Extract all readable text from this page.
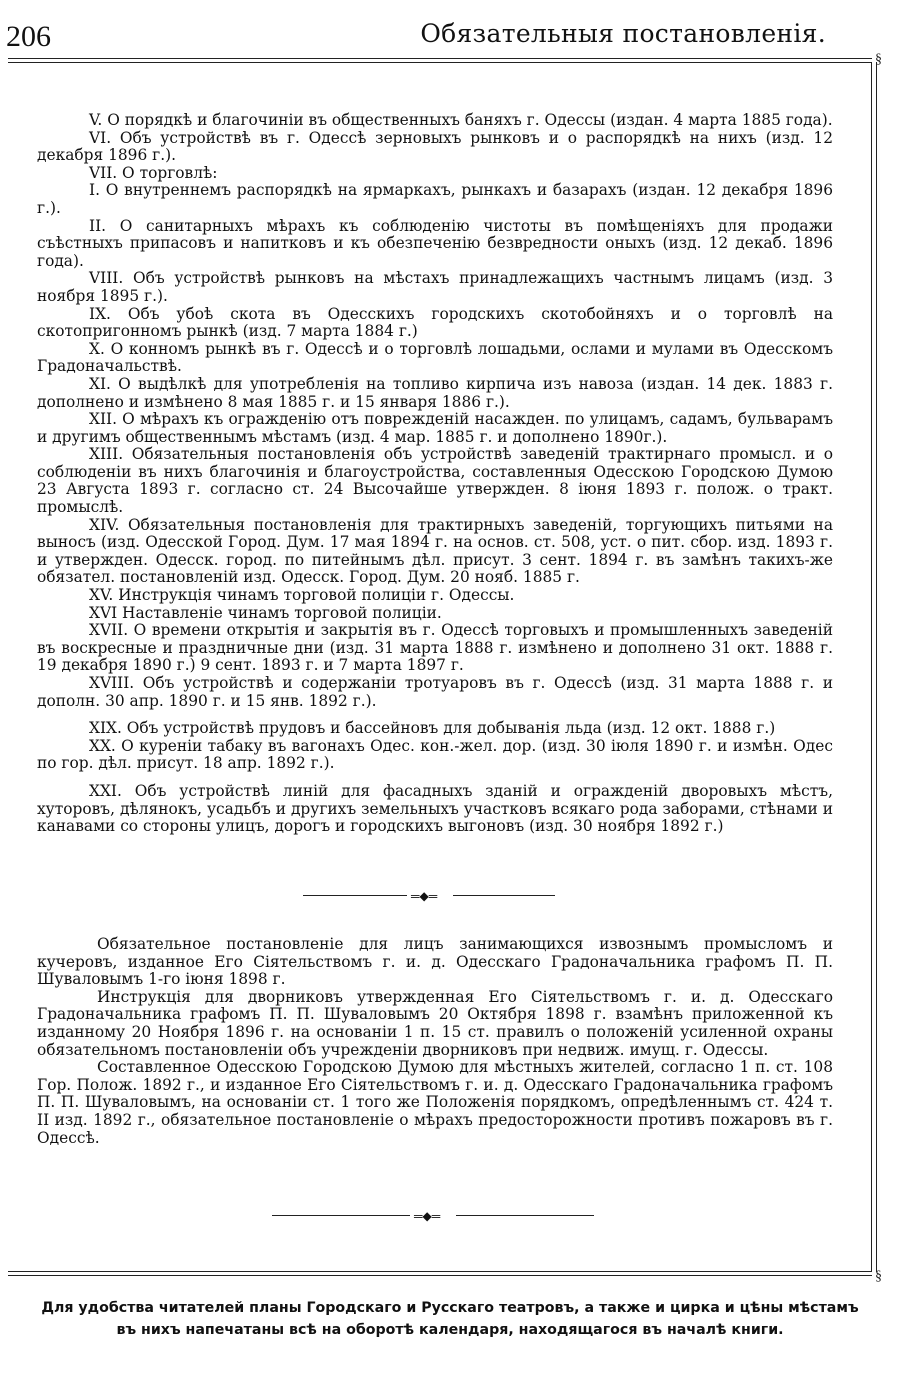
206	Обязательныя постановленія.
§
§

V. О порядкѣ и благочиніи въ общественныхъ баняхъ г. Одессы (издан. 4 марта 1885 года).

VI. Объ устройствѣ въ г. Одессѣ зерновыхъ рынковъ и о распорядкѣ на нихъ (изд. 12 декабря 1896 г.).

VII. О торговлѣ:

I. О внутреннемъ распорядкѣ на ярмаркахъ, рынкахъ и базарахъ (издан. 12 декабря 1896 г.).

II. О санитарныхъ мѣрахъ къ соблюденію чистоты въ помѣщеніяхъ для продажи съѣстныхъ припасовъ и напитковъ и къ обезпеченію безвредности оныхъ (изд. 12 декаб. 1896 года).

VIII. Объ устройствѣ рынковъ на мѣстахъ принадлежащихъ частнымъ лицамъ (изд. 3 ноября 1895 г.).

IX. Объ убоѣ скота въ Одесскихъ городскихъ скотобойняхъ и о торговлѣ на скотопригонномъ рынкѣ (изд. 7 марта 1884 г.)

X. О конномъ рынкѣ въ г. Одессѣ и о торговлѣ лошадьми, ослами и мулами въ Одесскомъ Градоначальствѣ.

XI. О выдѣлкѣ для употребленія на топливо кирпича изъ навоза (издан. 14 дек. 1883 г. дополнено и измѣнено 8 мая 1885 г. и 15 января 1886 г.).

XII. О мѣрахъ къ огражденію отъ поврежденій насажден. по улицамъ, садамъ, бульварамъ и другимъ общественнымъ мѣстамъ (изд. 4 мар. 1885 г. и дополнено 1890г.).

XIII. Обязательныя постановленія объ устройствѣ заведеній трактирнаго промысл. и о соблюденіи въ нихъ благочинія и благоустройства, составленныя Одесскою Городскою Думою 23 Августа 1893 г. согласно ст. 24 Высочайше утвержден. 8 іюня 1893 г. полож. о тракт. промыслѣ.

XIV. Обязательныя постановленія для трактирныхъ заведеній, торгующихъ питьями на выносъ (изд. Одесской Город. Дум. 17 мая 1894 г. на основ. ст. 508, уст. о пит. сбор. изд. 1893 г. и утвержден. Одесск. город. по питейнымъ дѣл. присут. 3 сент. 1894 г. въ замѣнъ такихъ-же обязател. постановленій изд. Одесск. Город. Дум. 20 нояб. 1885 г.

XV. Инструкція чинамъ торговой полиціи г. Одессы.

XVI Наставленіе чинамъ торговой полиціи.

XVII. О времени открытія и закрытія въ г. Одессѣ торговыхъ и промышленныхъ заведеній въ воскресные и праздничные дни (изд. 31 марта 1888 г. измѣнено и дополнено 31 окт. 1888 г. 19 декабря 1890 г.) 9 сент. 1893 г. и 7 марта 1897 г.

XVIII. Объ устройствѣ и содержаніи тротуаровъ въ г. Одессѣ (изд. 31 марта 1888 г. и дополн. 30 апр. 1890 г. и 15 янв. 1892 г.).

XIX. Объ устройствѣ прудовъ и бассейновъ для добыванія льда (изд. 12 окт. 1888 г.)

XX. О куреніи табаку въ вагонахъ Одес. кон.-жел. дор. (изд. 30 іюля 1890 г. и измѣн. Одес по гор. дѣл. присут. 18 апр. 1892 г.).

XXI. Объ устройствѣ линій для фасадныхъ зданій и огражденій дворовыхъ мѣстъ, хуторовъ, дѣлянокъ, усадьбъ и другихъ земельныхъ участковъ всякаго рода заборами, стѣнами и канавами со стороны улицъ, дорогъ и городскихъ выгоновъ (изд. 30 ноября 1892 г.)

═◆═

Обязательное постановленіе для лицъ занимающихся извознымъ промысломъ и кучеровъ, изданное Его Сіятельствомъ г. и. д. Одесскаго Градоначальника графомъ П. П. Шуваловымъ 1-го іюня 1898 г.

Инструкція для дворниковъ утвержденная Его Сіятельствомъ г. и. д. Одесскаго Градоначальника графомъ П. П. Шуваловымъ 20 Октября 1898 г. взамѣнъ приложенной къ изданному 20 Ноября 1896 г. на основаніи 1 п. 15 ст. правилъ о положеній усиленной охраны обязательномъ постановленіи объ учрежденіи дворниковъ при недвиж. имущ. г. Одессы.

Составленное Одесскою Городскою Думою для мѣстныхъ жителей, согласно 1 п. ст. 108 Гор. Полож. 1892 г., и изданное Его Сіятельствомъ г. и. д. Одесскаго Градоначальника графомъ П. П. Шуваловымъ, на основаніи ст. 1 того же Положенія порядкомъ, опредѣленнымъ ст. 424 т. II изд. 1892 г., обязательное постановленіе о мѣрахъ предосторожности противъ пожаровъ въ г. Одессѣ.

═◆═
Для удобства читателей планы Городскаго и Русскаго театровъ, а также и цирка и цѣны мѣстамъ
въ нихъ напечатаны всѣ на оборотѣ календаря, находящагося въ началѣ книги.
